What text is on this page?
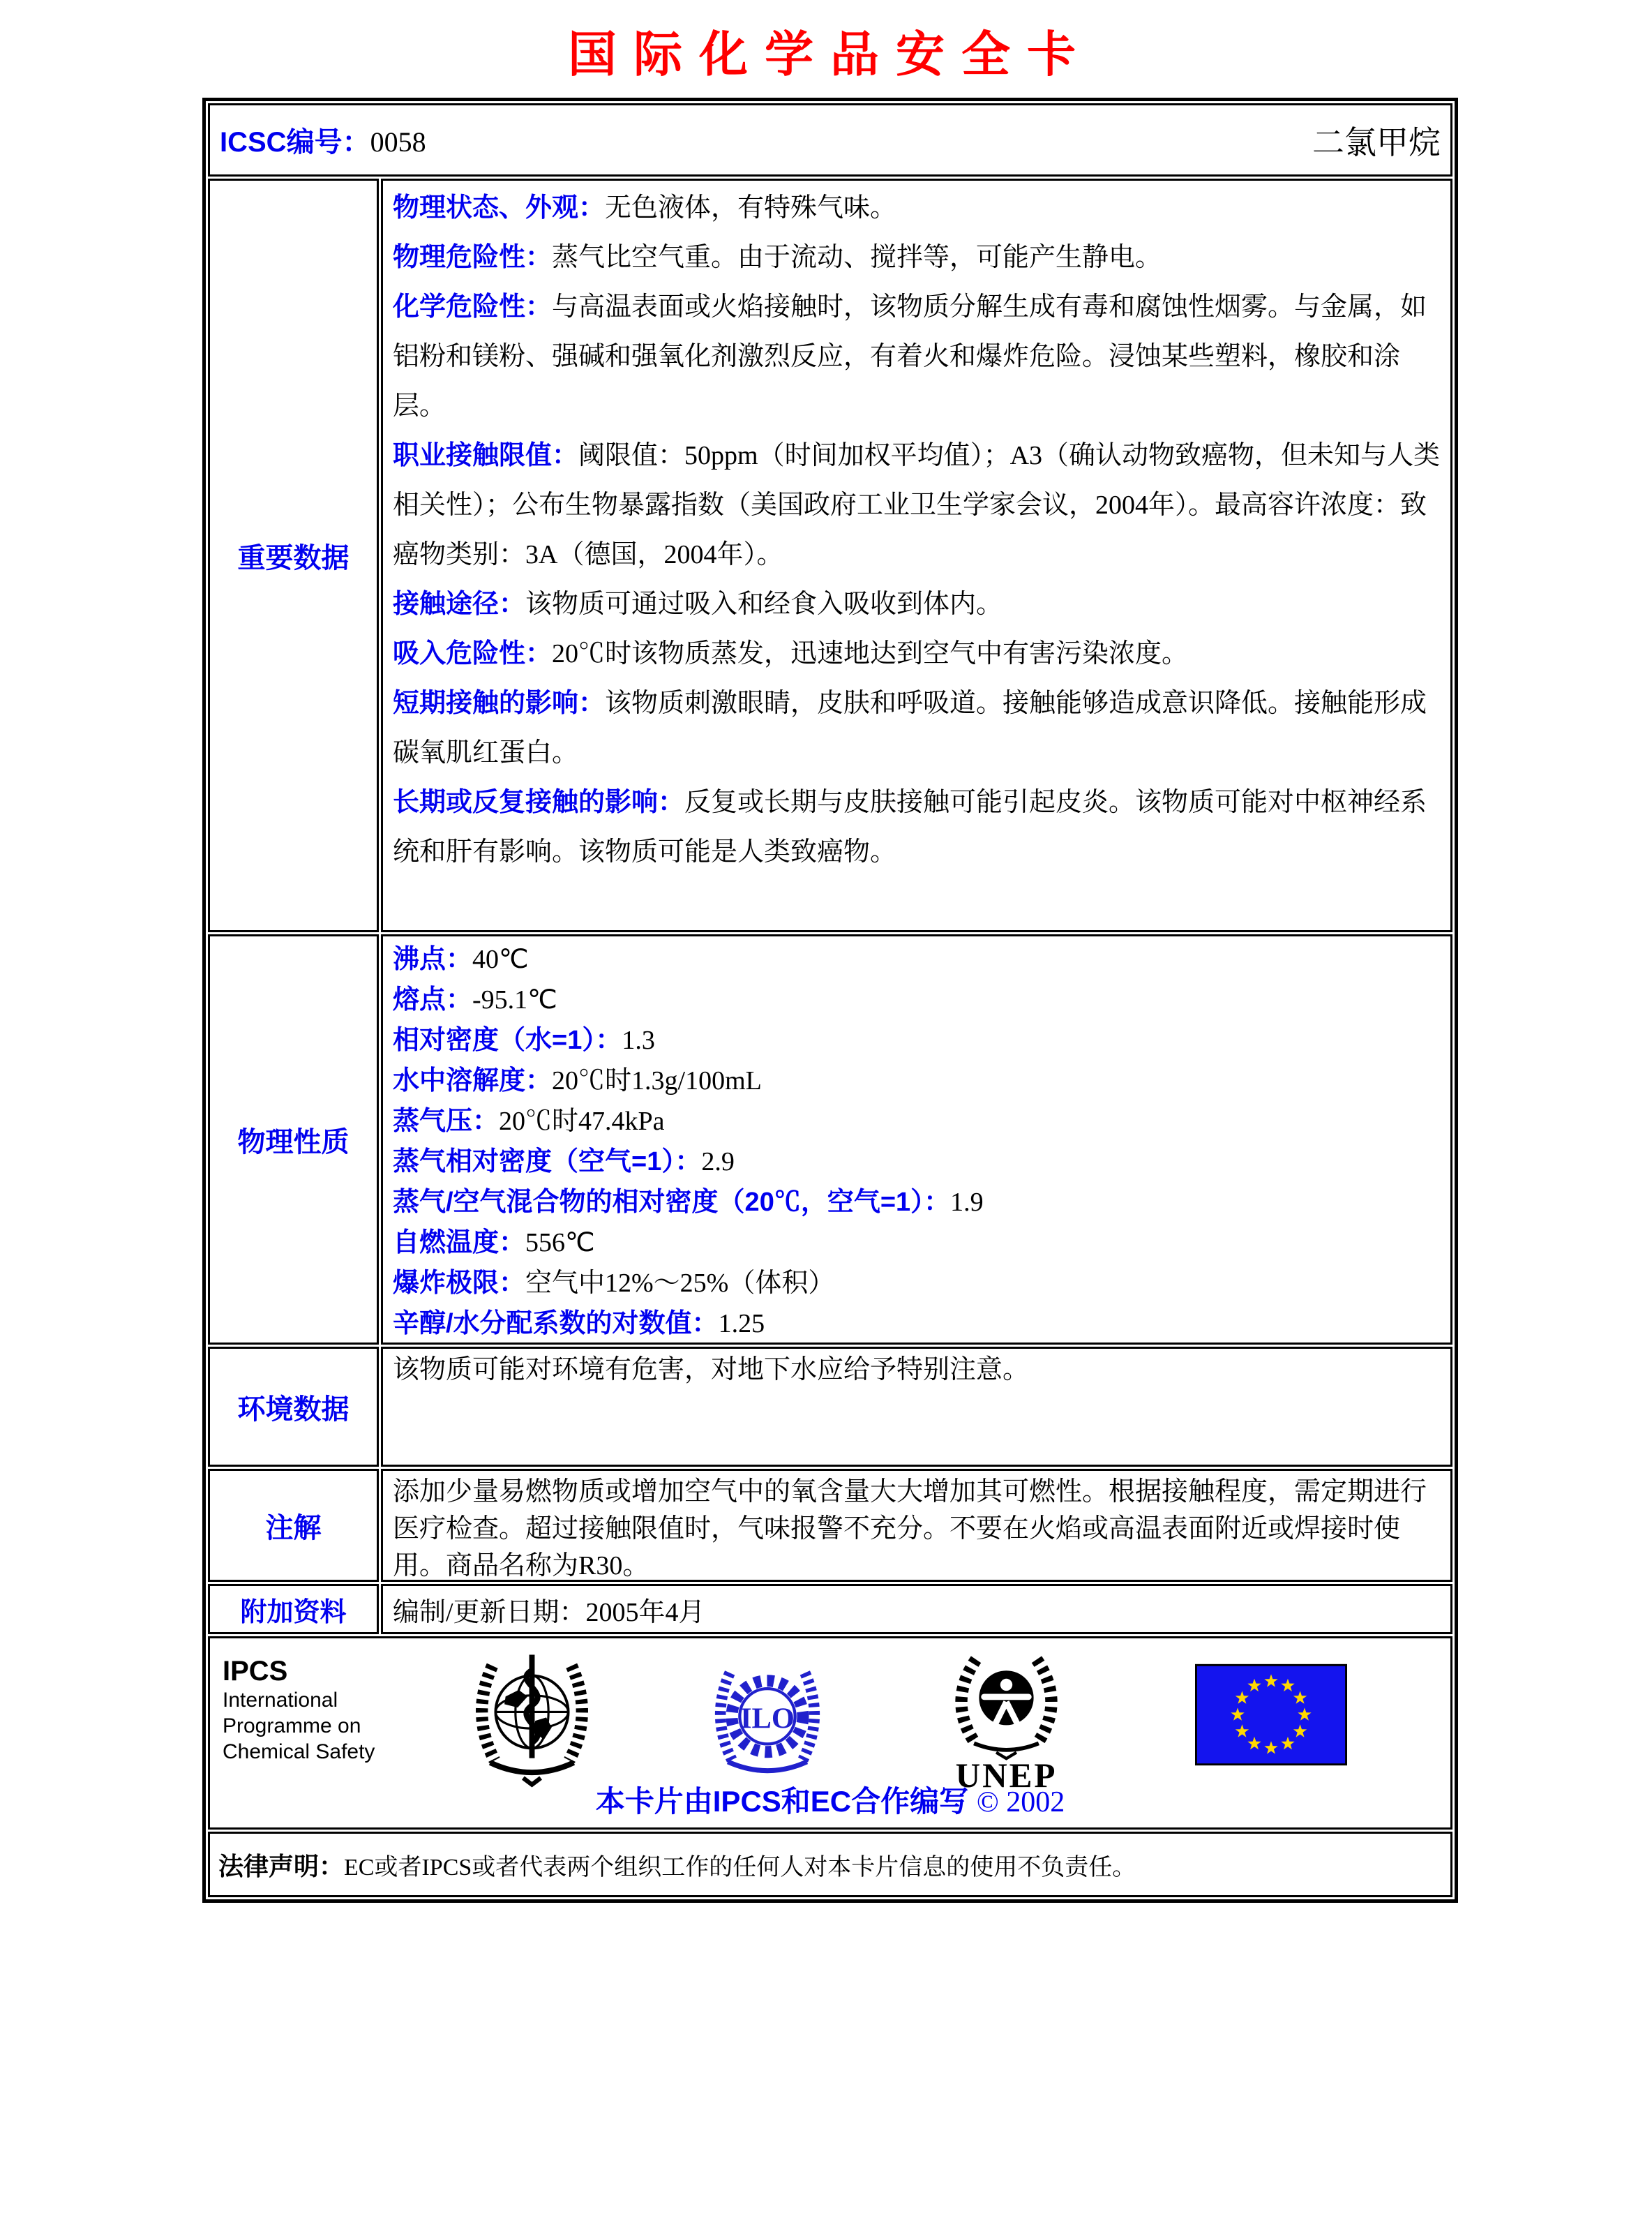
国际化学品安全卡
ICSC编号：0058	二氯甲烷
重要数据

物理状态、外观：无色液体，有特殊气味。

物理危险性：蒸气比空气重。由于流动、搅拌等，可能产生静电。

化学危险性：与高温表面或火焰接触时，该物质分解生成有毒和腐蚀性烟雾。与金属，如铝粉和镁粉、强碱和强氧化剂激烈反应，有着火和爆炸危险。浸蚀某些塑料，橡胶和涂层。

职业接触限值：阈限值：50ppm（时间加权平均值）；A3（确认动物致癌物，但未知与人类相关性）；公布生物暴露指数（美国政府工业卫生学家会议，2004年）。最高容许浓度：致癌物类别：3A（德国，2004年）。

接触途径：该物质可通过吸入和经食入吸收到体内。

吸入危险性：20℃时该物质蒸发，迅速地达到空气中有害污染浓度。

短期接触的影响：该物质刺激眼睛，皮肤和呼吸道。接触能够造成意识降低。接触能形成碳氧肌红蛋白。

长期或反复接触的影响：反复或长期与皮肤接触可能引起皮炎。该物质可能对中枢神经系统和肝有影响。该物质可能是人类致癌物。

物理性质

沸点：40℃

熔点：-95.1℃

相对密度（水=1）：1.3

水中溶解度：20℃时1.3g/100mL

蒸气压：20℃时47.4kPa

蒸气相对密度（空气=1）：2.9

蒸气/空气混合物的相对密度（20℃，空气=1）：1.9

自燃温度：556℃

爆炸极限：空气中12%～25%（体积）

辛醇/水分配系数的对数值：1.25

环境数据

该物质可能对环境有危害，对地下水应给予特别注意。

注解

添加少量易燃物质或增加空气中的氧含量大大增加其可燃性。根据接触程度，需定期进行医疗检查。超过接触限值时，气味报警不充分。不要在火焰或高温表面附近或焊接时使用。商品名称为R30。

附加资料	编制/更新日期：2005年4月
IPCS
International
Programme on
Chemical Safety
ILO
UNEP
本卡片由IPCS和EC合作编写 © 2002
法律声明： EC或者IPCS或者代表两个组织工作的任何人对本卡片信息的使用不负责任。
